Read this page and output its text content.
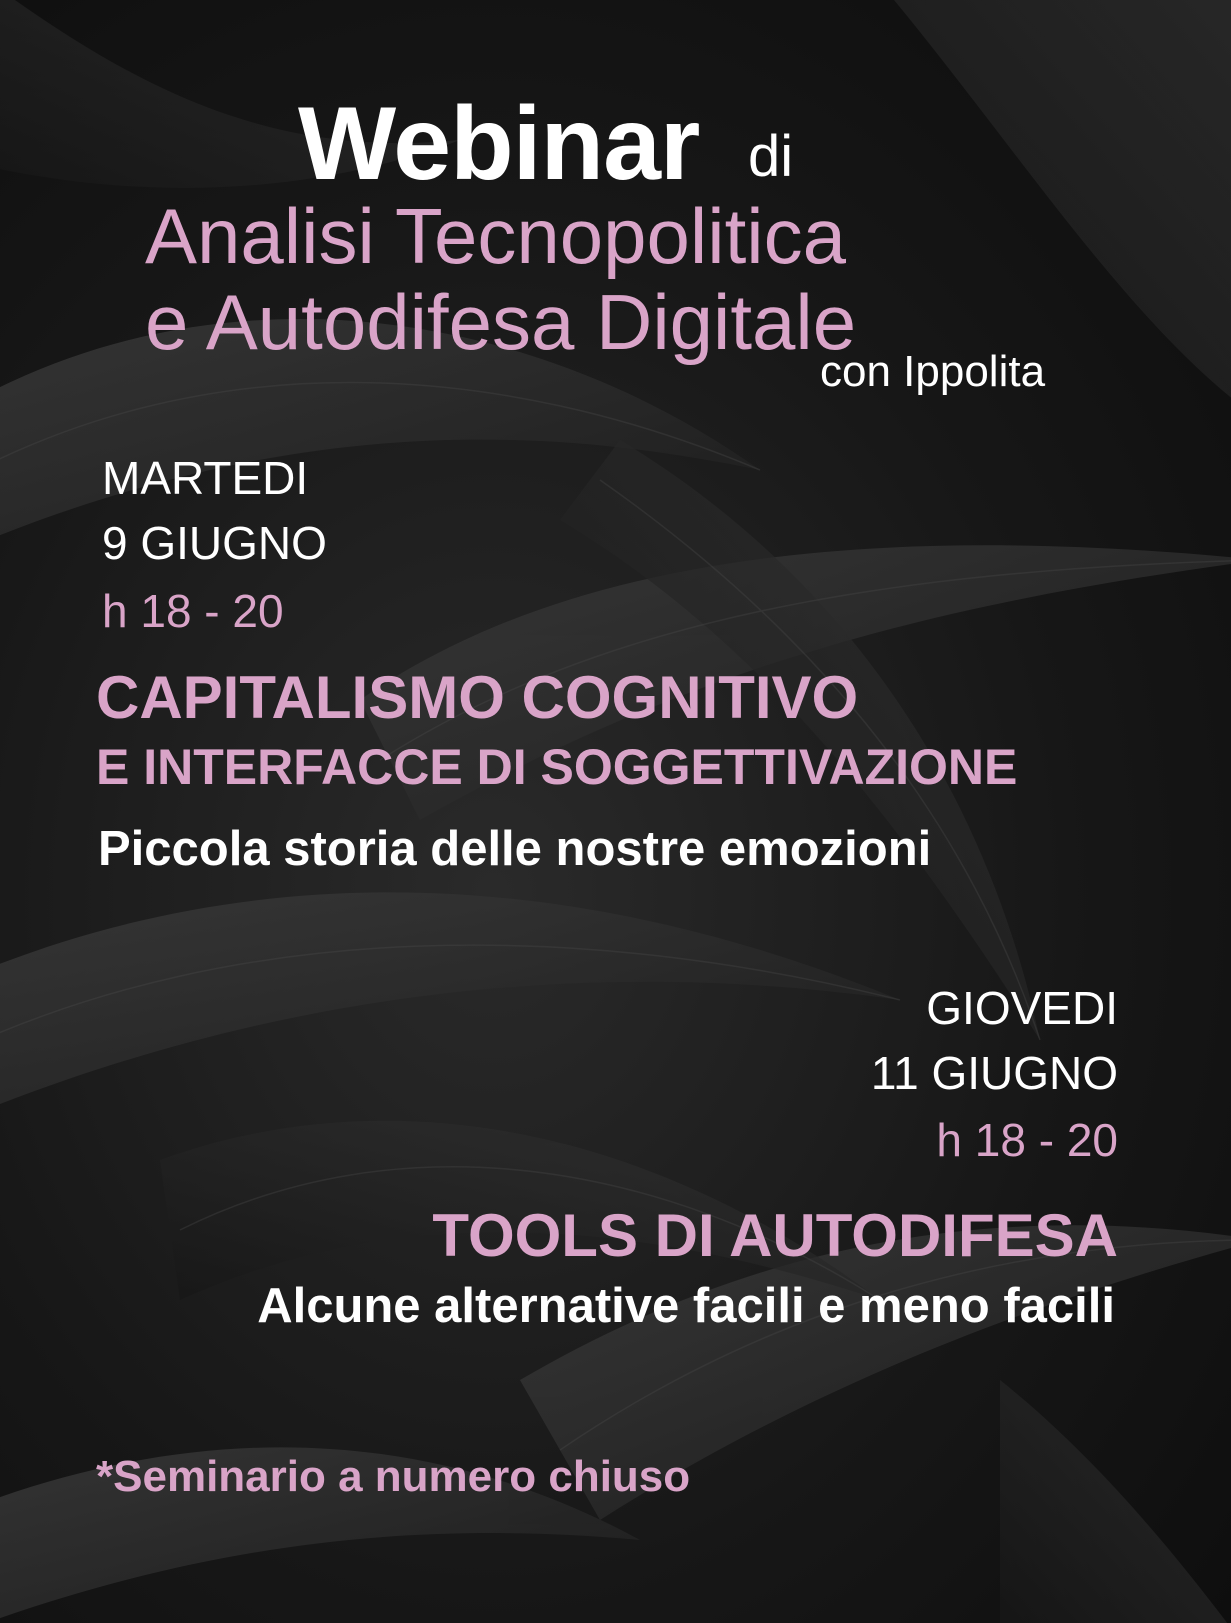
Webinar di

Analisi Tecnopolitica

e Autodifesa Digitale

con Ippolita

MARTEDI

9 GIUGNO

h 18 - 20

CAPITALISMO COGNITIVO

E INTERFACCE DI SOGGETTIVAZIONE

Piccola storia delle nostre emozioni

GIOVEDI

11 GIUGNO

h 18 - 20

TOOLS DI AUTODIFESA

Alcune alternative facili e meno facili

*Seminario a numero chiuso
